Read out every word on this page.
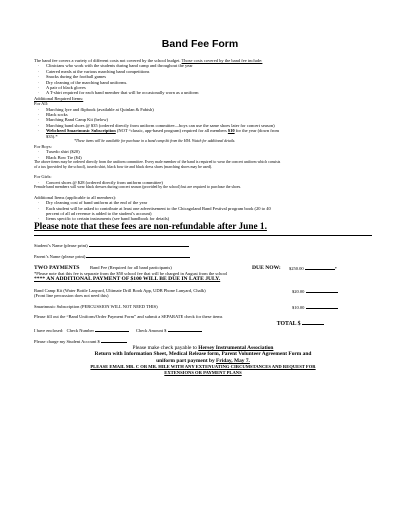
Band Fee Form

The band fee covers a variety of different costs not covered by the school budget. Those costs covered by the band fee include:

· Clinicians who work with the students during band camp and throughout the year
· Catered meals at the various marching band competitions
· Snacks during the football games
· Dry cleaning of the marching band uniforms.
· A pair of black gloves
· A T-shirt required for each band member that will be occasionally worn as a uniform

Additional Required Items:

For All:

· Marching lyre and flipbook (available at Quinlan & Fabish)
· Black socks
· Marching Band Camp Kit (below)
· Marching band shoes @ $35 (ordered directly from uniform committee—boys can use the same shoes later for concert season)
· Webcheed Smartmusic Subscription (NOT “classic, app-based program) required for all members $10 for the year (down from
$35).*

*These items will be available for purchase in a band camp kit from the HIA. Watch for additional details.

For Boys:

· Tuxedo shirt ($20)
· Black Bow Tie ($4)

The above items may be ordered directly from the uniform committee. Every male member of the band is required to wear the concert uniform which consists
of a tux (provided by the school), tuxedo shirt, black bow tie and black dress shoes (marching shoes may be used).

For Girls:

· Concert shoes @ $28 (ordered directly from uniform committee)

Female band members will wear black dresses during concert season (provided by the school) but are required to purchase the shoes.

Additional Items (applicable to all members):

· Dry cleaning cost of band uniform at the end of the year
· Each student will be asked to contribute at least one advertisement to the Chicagoland Band Festival program book (20 to 40
percent of all ad revenue is added to the student’s account)
· Items specific to certain instruments (see band handbook for details)

Please note that these fees are non-refundable after June 1.

Student’s Name (please print)

Parent’s Name (please print)

TWO PAYMENTS Band Fee (Required for all band participants)	DUE NOW: $250.00	*

*Please note that this fee is separate from the $50 school fee that will be charged in August from the school

**** AN ADDITIONAL PAYMENT OF $100 WILL BE DUE IN LATE JULY.

Band Camp Kit (Water Bottle Lanyard, Ultimate Drill Book App, UDB Phone Lanyard, Chalk)	$20.00

(Front line percussion does not need this)

Smartmusic Subscription (PERCUSSION WILL NOT NEED THIS)	$10.00

Please fill out the “Band Uniform/Order Payment Form” and submit a SEPARATE check for these items

TOTAL $

I have enclosed: Check Number	Check Amount $

Please charge my Student Account $

Please make check payable to Hersey Instrumental Association

Return with Information Sheet, Medical Release form, Parent Volunteer Agreement Form and

uniform part payment by Friday, May 7.

PLEASE EMAIL MR. C OR MR. HILE WITH ANY EXTENUATING CIRCUMSTANCES AND REQUEST FOR

EXTENSIONS OR PAYMENT PLANS
